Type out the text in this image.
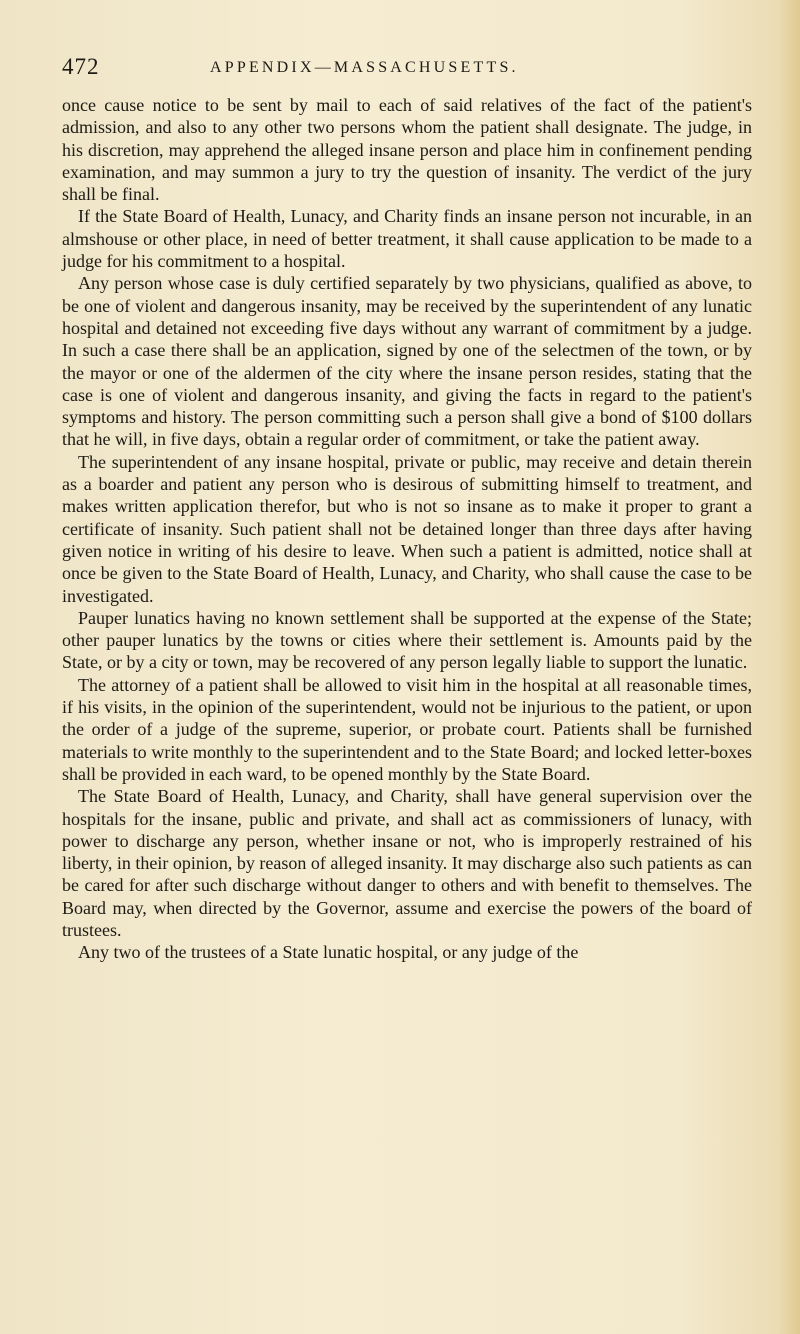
472	APPENDIX—MASSACHUSETTS.

once cause notice to be sent by mail to each of said relatives of the fact of the patient's admission, and also to any other two persons whom the patient shall designate. The judge, in his discretion, may apprehend the alleged insane person and place him in confinement pending examination, and may summon a jury to try the question of insanity. The verdict of the jury shall be final.

If the State Board of Health, Lunacy, and Charity finds an insane person not incurable, in an almshouse or other place, in need of better treatment, it shall cause application to be made to a judge for his commitment to a hospital.

Any person whose case is duly certified separately by two physicians, qualified as above, to be one of violent and dangerous insanity, may be received by the superintendent of any lunatic hospital and detained not exceeding five days without any warrant of commitment by a judge. In such a case there shall be an application, signed by one of the selectmen of the town, or by the mayor or one of the aldermen of the city where the insane person resides, stating that the case is one of violent and dangerous insanity, and giving the facts in regard to the patient's symptoms and history. The person committing such a person shall give a bond of $100 dollars that he will, in five days, obtain a regular order of commitment, or take the patient away.

The superintendent of any insane hospital, private or public, may receive and detain therein as a boarder and patient any person who is desirous of submitting himself to treatment, and makes written application therefor, but who is not so insane as to make it proper to grant a certificate of insanity. Such patient shall not be detained longer than three days after having given notice in writing of his desire to leave. When such a patient is admitted, notice shall at once be given to the State Board of Health, Lunacy, and Charity, who shall cause the case to be investigated.

Pauper lunatics having no known settlement shall be supported at the expense of the State; other pauper lunatics by the towns or cities where their settlement is. Amounts paid by the State, or by a city or town, may be recovered of any person legally liable to support the lunatic.

The attorney of a patient shall be allowed to visit him in the hospital at all reasonable times, if his visits, in the opinion of the superintendent, would not be injurious to the patient, or upon the order of a judge of the supreme, superior, or probate court. Patients shall be furnished materials to write monthly to the superintendent and to the State Board; and locked letter-boxes shall be provided in each ward, to be opened monthly by the State Board.

The State Board of Health, Lunacy, and Charity, shall have general supervision over the hospitals for the insane, public and private, and shall act as commissioners of lunacy, with power to discharge any person, whether insane or not, who is improperly restrained of his liberty, in their opinion, by reason of alleged insanity. It may discharge also such patients as can be cared for after such discharge without danger to others and with benefit to themselves. The Board may, when directed by the Governor, assume and exercise the powers of the board of trustees.

Any two of the trustees of a State lunatic hospital, or any judge of the
